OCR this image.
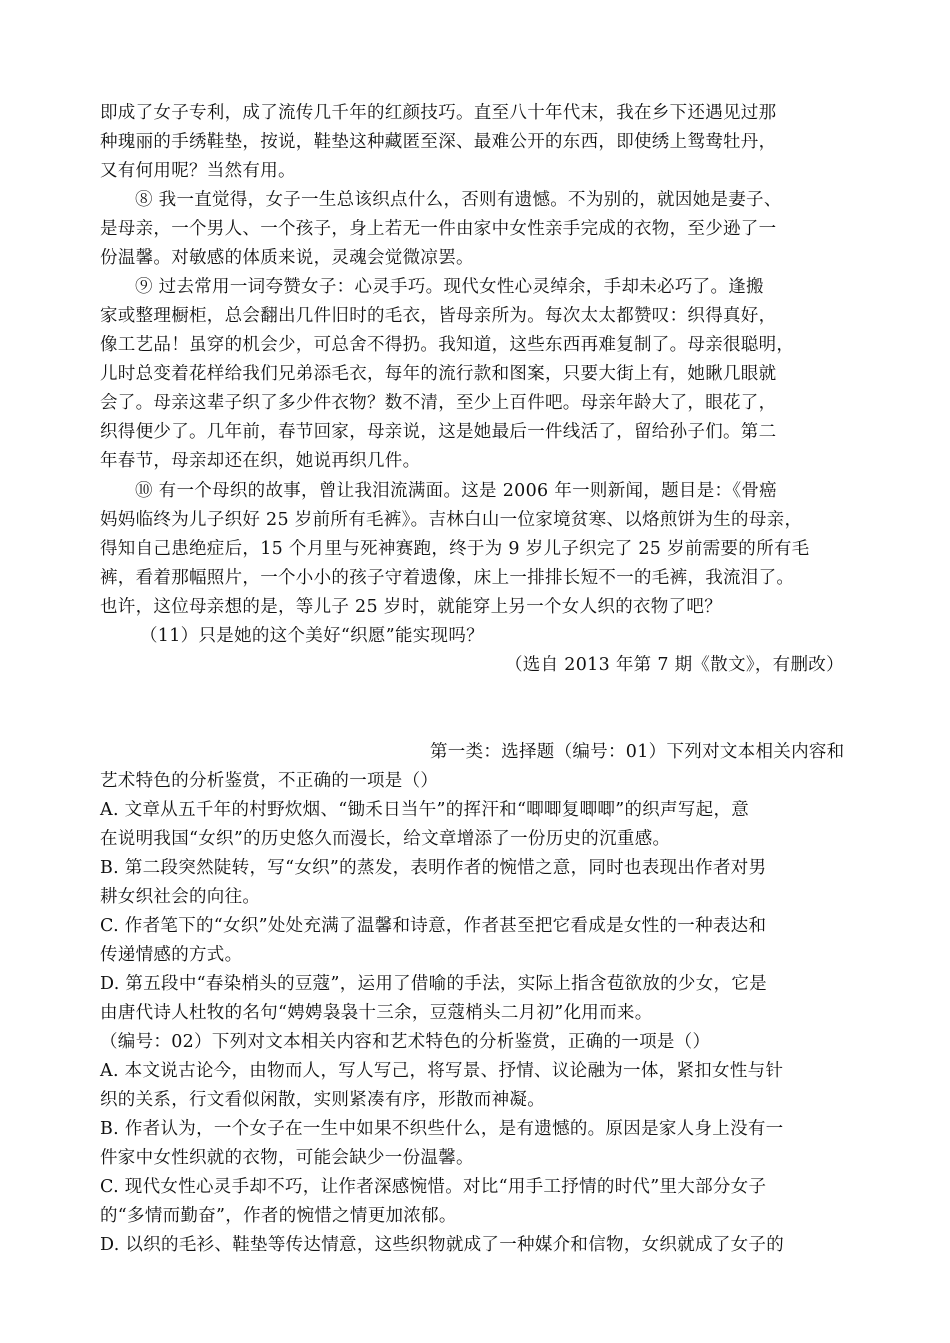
即成了女子专利，成了流传几千年的红颜技巧。直至八十年代末，我在乡下还遇见过那
种瑰丽的手绣鞋垫，按说，鞋垫这种藏匿至深、最难公开的东西，即使绣上鸳鸯牡丹，
又有何用呢？当然有用。
⑧ 我一直觉得，女子一生总该织点什么，否则有遗憾。不为别的，就因她是妻子、
是母亲，一个男人、一个孩子，身上若无一件由家中女性亲手完成的衣物，至少逊了一
份温馨。对敏感的体质来说，灵魂会觉微凉罢。
⑨ 过去常用一词夸赞女子：心灵手巧。现代女性心灵绰余，手却未必巧了。逢搬
家或整理橱柜，总会翻出几件旧时的毛衣，皆母亲所为。每次太太都赞叹：织得真好，
像工艺品！虽穿的机会少，可总舍不得扔。我知道，这些东西再难复制了。母亲很聪明，
儿时总变着花样给我们兄弟添毛衣，每年的流行款和图案，只要大街上有，她瞅几眼就
会了。母亲这辈子织了多少件衣物？数不清，至少上百件吧。母亲年龄大了，眼花了，
织得便少了。几年前，春节回家，母亲说，这是她最后一件线活了，留给孙子们。第二
年春节，母亲却还在织，她说再织几件。
⑩ 有一个母织的故事，曾让我泪流满面。这是 2006 年一则新闻，题目是：《骨癌
妈妈临终为儿子织好 25 岁前所有毛裤》。吉林白山一位家境贫寒、以烙煎饼为生的母亲，
得知自己患绝症后，15 个月里与死神赛跑，终于为 9 岁儿子织完了 25 岁前需要的所有毛
裤，看着那幅照片，一个小小的孩子守着遗像，床上一排排长短不一的毛裤，我流泪了。
也许，这位母亲想的是，等儿子 25 岁时，就能穿上另一个女人织的衣物了吧？
（11）只是她的这个美好“织愿”能实现吗？
（选自 2013 年第 7 期《散文》，有删改）
第一类：选择题（编号：01）下列对文本相关内容和
艺术特色的分析鉴赏，不正确的一项是（）
A. 文章从五千年的村野炊烟、“锄禾日当午”的挥汗和“唧唧复唧唧”的织声写起，意
在说明我国“女织”的历史悠久而漫长，给文章增添了一份历史的沉重感。
B. 第二段突然陡转，写“女织”的蒸发，表明作者的惋惜之意，同时也表现出作者对男
耕女织社会的向往。
C. 作者笔下的“女织”处处充满了温馨和诗意，作者甚至把它看成是女性的一种表达和
传递情感的方式。
D. 第五段中“春染梢头的豆蔻”，运用了借喻的手法，实际上指含苞欲放的少女，它是
由唐代诗人杜牧的名句“娉娉袅袅十三余，豆蔻梢头二月初”化用而来。
（编号：02）下列对文本相关内容和艺术特色的分析鉴赏，正确的一项是（）
A. 本文说古论今，由物而人，写人写己，将写景、抒情、议论融为一体，紧扣女性与针
织的关系，行文看似闲散，实则紧凑有序，形散而神凝。
B. 作者认为，一个女子在一生中如果不织些什么，是有遗憾的。原因是家人身上没有一
件家中女性织就的衣物，可能会缺少一份温馨。
C. 现代女性心灵手却不巧，让作者深感惋惜。对比“用手工抒情的时代”里大部分女子
的“多情而勤奋”，作者的惋惜之情更加浓郁。
D. 以织的毛衫、鞋垫等传达情意，这些织物就成了一种媒介和信物，女织就成了女子的
